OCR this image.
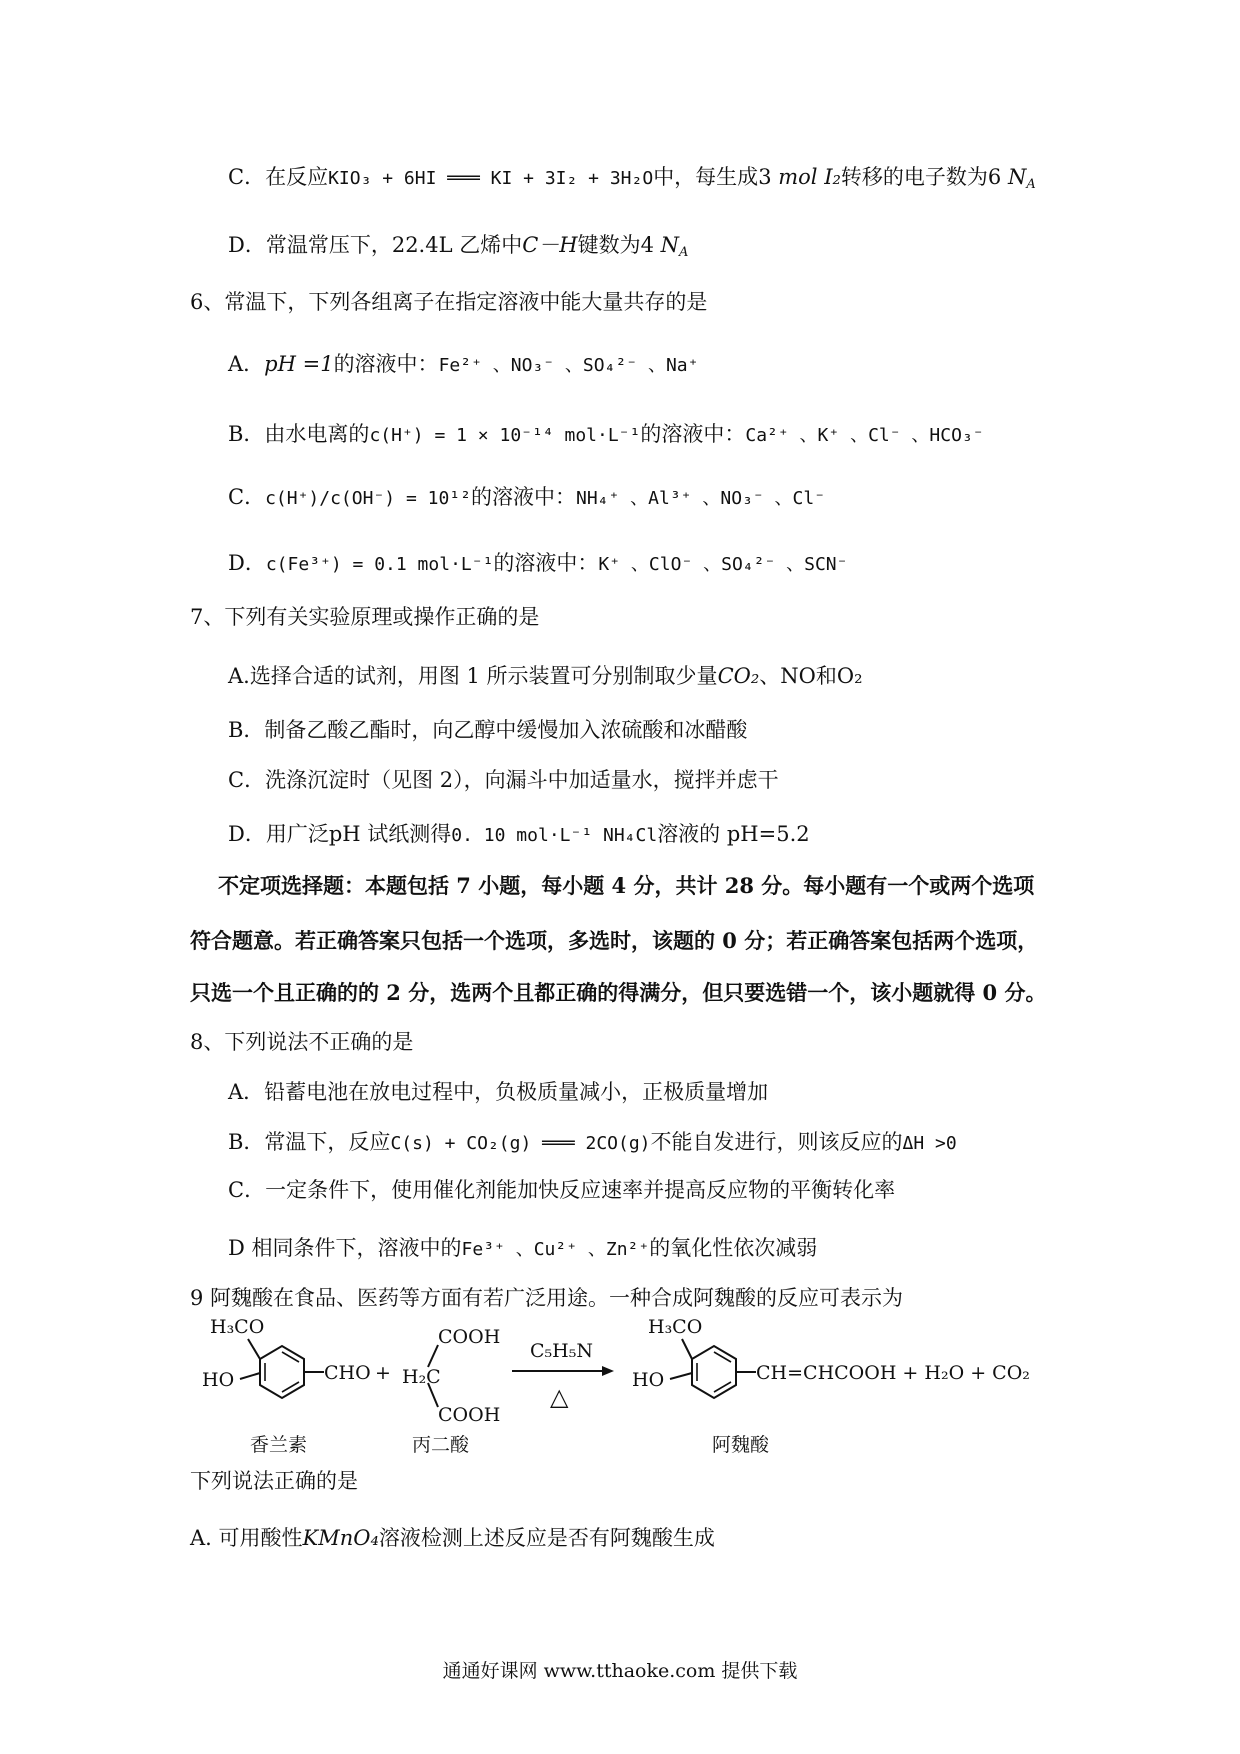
C．在反应KIO₃ + 6HI ═══ KI + 3I₂ + 3H₂O中，每生成3 mol I₂转移的电子数为6 $N_A$
D．常温常压下，22.4L 乙烯中C－H键数为4 $N_A$
6、常温下，下列各组离子在指定溶液中能大量共存的是
A．pH =1的溶液中：Fe²⁺ 、NO₃⁻ 、SO₄²⁻ 、Na⁺
B．由水电离的c(H⁺) = 1 × 10⁻¹⁴ mol·L⁻¹的溶液中：Ca²⁺ 、K⁺ 、Cl⁻ 、HCO₃⁻
C．c(H⁺)/c(OH⁻) = 10¹²的溶液中：NH₄⁺ 、Al³⁺ 、NO₃⁻ 、Cl⁻
D．c(Fe³⁺) = 0.1 mol·L⁻¹的溶液中：K⁺ 、ClO⁻ 、SO₄²⁻ 、SCN⁻
7、下列有关实验原理或操作正确的是
A.选择合适的试剂，用图 1 所示装置可分别制取少量CO₂、NO和O₂
B．制备乙酸乙酯时，向乙醇中缓慢加入浓硫酸和冰醋酸
C．洗涤沉淀时（见图 2），向漏斗中加适量水，搅拌并虑干
D．用广泛pH 试纸测得0. 10 mol·L⁻¹ NH₄Cl溶液的 pH=5.2
不定项选择题：本题包括 7 小题，每小题 4 分，共计 28 分。每小题有一个或两个选项
符合题意。若正确答案只包括一个选项，多选时，该题的 0 分；若正确答案包括两个选项，
只选一个且正确的的 2 分，选两个且都正确的得满分，但只要选错一个，该小题就得 0 分。
8、下列说法不正确的是
A．铅蓄电池在放电过程中，负极质量减小，正极质量增加
B．常温下，反应C(s) + CO₂(g) ═══ 2CO(g)不能自发进行，则该反应的ΔH >0
C．一定条件下，使用催化剂能加快反应速率并提高反应物的平衡转化率
D 相同条件下，溶液中的Fe³⁺ 、Cu²⁺ 、Zn²⁺的氧化性依次减弱
9 阿魏酸在食品、医药等方面有若广泛用途。一种合成阿魏酸的反应可表示为
H₃CO
HO	CHO + H₂C
COOH
COOH
C₅H₅N
△
H₃CO
HO	CH=CHCOOH + H₂O + CO₂
香兰素	丙二酸	阿魏酸
下列说法正确的是
A. 可用酸性KMnO₄溶液检测上述反应是否有阿魏酸生成
通通好课网 www.tthaoke.com 提供下载
